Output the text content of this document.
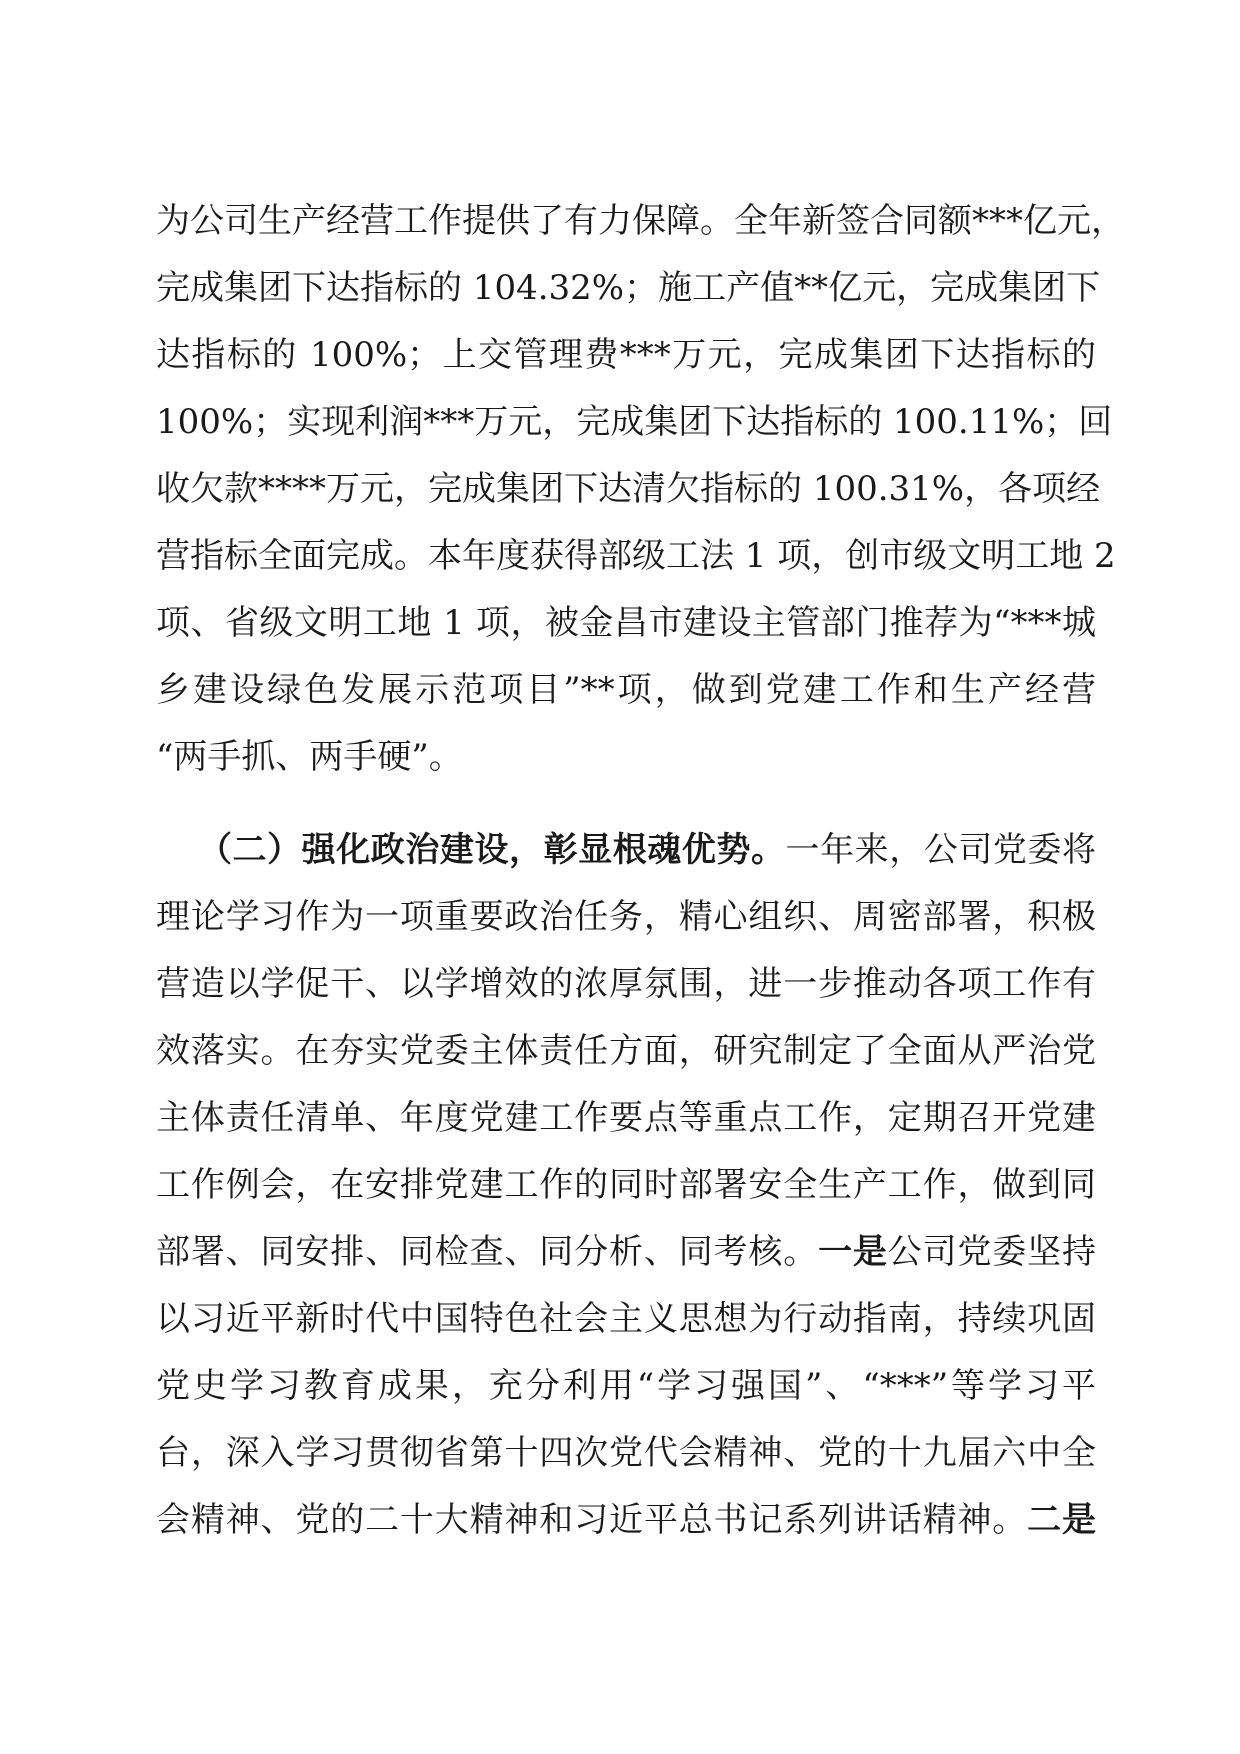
为公司生产经营工作提供了有力保障。全年新签合同额***亿元，
完成集团下达指标的 104.32%；施工产值**亿元，完成集团下
达指标的 100%；上交管理费***万元，完成集团下达指标的
100%；实现利润***万元，完成集团下达指标的 100.11%；回
收欠款****万元，完成集团下达清欠指标的 100.31%，各项经
营指标全面完成。本年度获得部级工法 1 项，创市级文明工地 2
项、省级文明工地 1 项，被金昌市建设主管部门推荐为“***城
乡建设绿色发展示范项目”**项，做到党建工作和生产经营
“两手抓、两手硬”。
（二）强化政治建设，彰显根魂优势。一年来，公司党委将
理论学习作为一项重要政治任务，精心组织、周密部署，积极
营造以学促干、以学增效的浓厚氛围，进一步推动各项工作有
效落实。在夯实党委主体责任方面，研究制定了全面从严治党
主体责任清单、年度党建工作要点等重点工作，定期召开党建
工作例会，在安排党建工作的同时部署安全生产工作，做到同
部署、同安排、同检查、同分析、同考核。一是公司党委坚持
以习近平新时代中国特色社会主义思想为行动指南，持续巩固
党史学习教育成果，充分利用“学习强国”、“***”等学习平
台，深入学习贯彻省第十四次党代会精神、党的十九届六中全
会精神、党的二十大精神和习近平总书记系列讲话精神。二是
